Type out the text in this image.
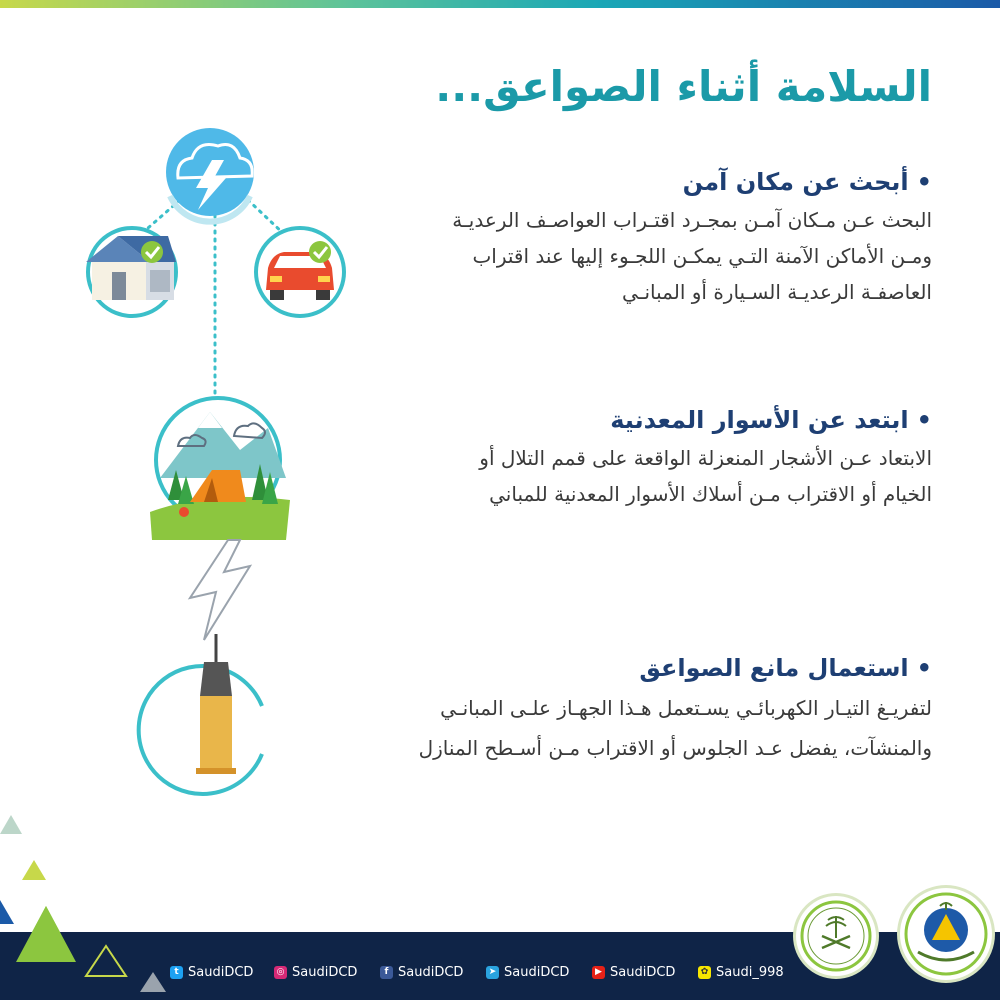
السلامة أثناء الصواعق...
•أبحث عن مكان آمن
البحث عـن مـكان آمـن بمجـرد اقتـراب العواصـف الرعديـة
ومـن الأماكن الآمنة التـي يمكـن اللجـوء إليها عند اقتراب
العاصفـة الرعديـة السـيارة أو المبانـي
•ابتعد عن الأسوار المعدنية
الابتعاد عـن الأشجار المنعزلة الواقعة على قمم التلال أو
الخيام أو الاقتراب مـن أسلاك الأسوار المعدنية للمباني
•استعمال مانع الصواعق
لتفريـغ التيـار الكهربائـي يسـتعمل هـذا الجهـاز علـى المبانـي
والمنشآت، يفضل عـد الجلوس أو الاقتراب مـن أسـطح المنازل
t SaudiDCD	◎ SaudiDCD	f SaudiDCD	➤ SaudiDCD	▶ SaudiDCD	✿ Saudi_998
